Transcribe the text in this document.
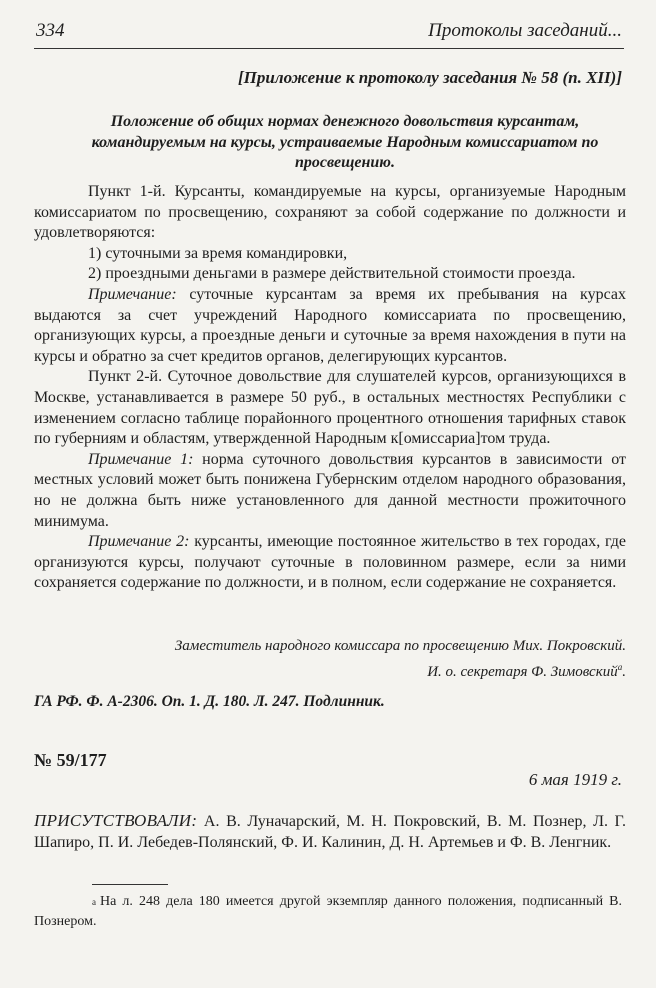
334	Протоколы заседаний...
[Приложение к протоколу заседания № 58 (п. XII)]
Положение об общих нормах денежного довольствия курсантам, командируемым на курсы, устраиваемые Народным комиссариатом по просвещению.

Пункт 1-й. Курсанты, командируемые на курсы, организуемые Народным комиссариатом по просвещению, сохраняют за собой содержание по должности и удовлетворяются:

1) суточными за время командировки,

2) проездными деньгами в размере действительной стоимости проезда.

Примечание: суточные курсантам за время их пребывания на курсах выдаются за счет учреждений Народного комиссариата по просвещению, организующих курсы, а проездные деньги и суточные за время нахождения в пути на курсы и обратно за счет кредитов органов, делегирующих курсантов.

Пункт 2-й. Суточное довольствие для слушателей курсов, организующихся в Москве, устанавливается в размере 50 руб., в остальных местностях Республики с изменением согласно таблице порайонного процентного отношения тарифных ставок по губерниям и областям, утвержденной Народным к[омиссариа]том труда.

Примечание 1: норма суточного довольствия курсантов в зависимости от местных условий может быть понижена Губернским отделом народного образования, но не должна быть ниже установленного для данной местности прожиточного минимума.

Примечание 2: курсанты, имеющие постоянное жительство в тех городах, где организуются курсы, получают суточные в половинном размере, если за ними сохраняется содержание по должности, и в полном, если содержание не сохраняется.

Заместитель народного комиссара по просвещению Мих. Покровский.
И. о. секретаря Ф. Зимовский$^а$.
ГА РФ. Ф. А-2306. Оп. 1. Д. 180. Л. 247. Подлинник.
№ 59/177
6 мая 1919 г.
ПРИСУТСТВОВАЛИ: А. В. Луначарский, М. Н. Покровский, В. М. Познер, Л. Г. Шапиро, П. И. Лебедев-Полянский, Ф. И. Калинин, Д. Н. Артемьев и Ф. В. Ленгник.
$^а$ На л. 248 дела 180 имеется другой экземпляр данного положения, подписанный В. Познером.
